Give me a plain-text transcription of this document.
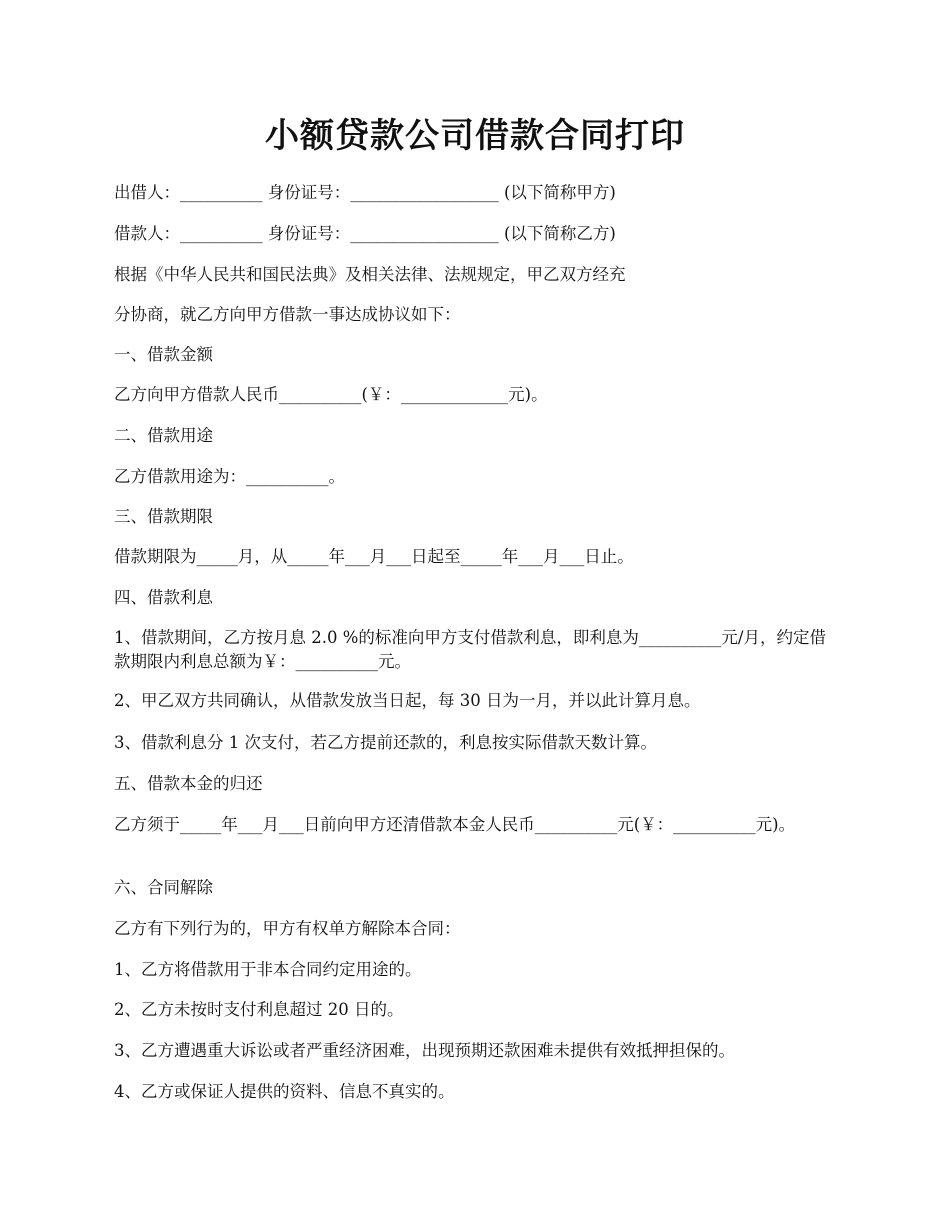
小额贷款公司借款合同打印

出借人：__________ 身份证号：__________________ (以下简称甲方)

借款人：__________ 身份证号：__________________ (以下简称乙方)

根据《中华人民共和国民法典》及相关法律、法规规定，甲乙双方经充

分协商，就乙方向甲方借款一事达成协议如下：

一、借款金额

乙方向甲方借款人民币__________(￥：_____________元)。

二、借款用途

乙方借款用途为：__________。

三、借款期限

借款期限为_____月，从_____年___月___日起至_____年___月___日止。

四、借款利息

1、借款期间，乙方按月息 2.0 %的标准向甲方支付借款利息，即利息为__________元/月，约定借款期限内利息总额为￥：__________元。

2、甲乙双方共同确认，从借款发放当日起，每 30 日为一月，并以此计算月息。

3、借款利息分 1 次支付，若乙方提前还款的，利息按实际借款天数计算。

五、借款本金的归还

乙方须于_____年___月___日前向甲方还清借款本金人民币__________元(￥：__________元)。

六、合同解除

乙方有下列行为的，甲方有权单方解除本合同：

1、乙方将借款用于非本合同约定用途的。

2、乙方未按时支付利息超过 20 日的。

3、乙方遭遇重大诉讼或者严重经济困难，出现预期还款困难未提供有效抵押担保的。

4、乙方或保证人提供的资料、信息不真实的。
